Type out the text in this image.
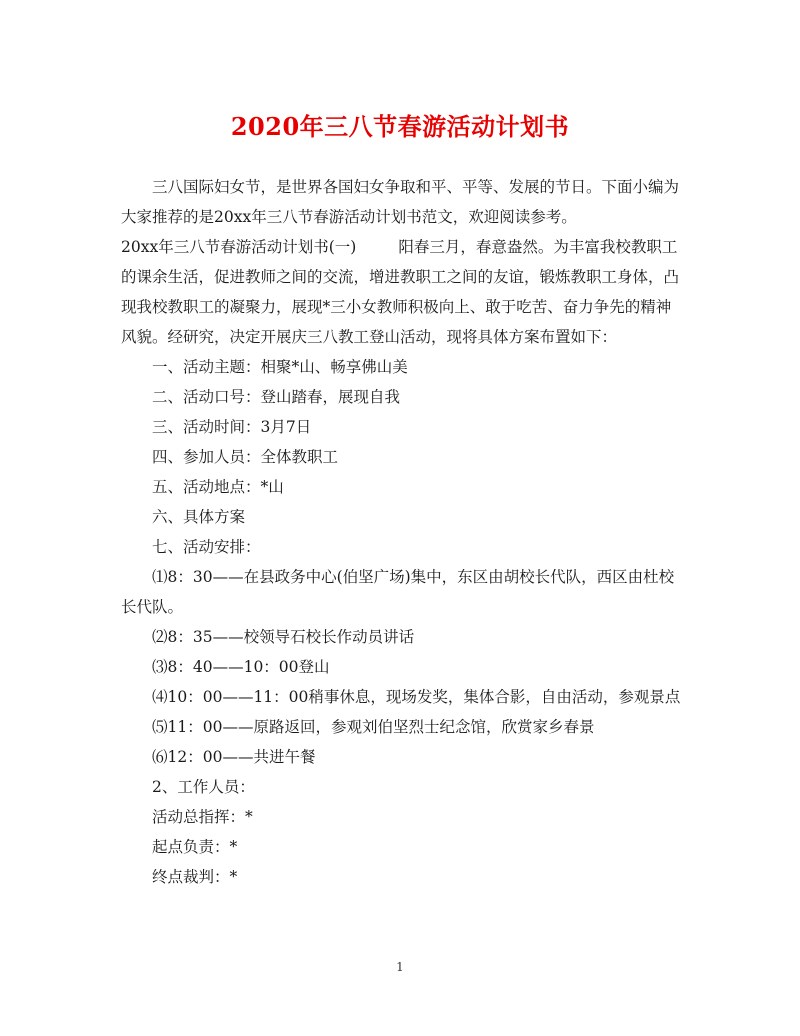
2020年三八节春游活动计划书

三八国际妇女节，是世界各国妇女争取和平、平等、发展的节日。下面小编为大家推荐的是20xx年三八节春游活动计划书范文，欢迎阅读参考。

20xx年三八节春游活动计划书(一)	阳春三月，春意盎然。为丰富我校教职工的课余生活，促进教师之间的交流，增进教职工之间的友谊，锻炼教职工身体，凸现我校教职工的凝聚力，展现*三小女教师积极向上、敢于吃苦、奋力争先的精神风貌。经研究，决定开展庆三八教工登山活动，现将具体方案布置如下：

一、活动主题：相聚*山、畅享佛山美

二、活动口号：登山踏春，展现自我

三、活动时间：3月7日

四、参加人员：全体教职工

五、活动地点：*山

六、具体方案

七、活动安排：

⑴8：30——在县政务中心(伯坚广场)集中，东区由胡校长代队，西区由杜校长代队。

⑵8：35——校领导石校长作动员讲话

⑶8：40——10：00登山

⑷10：00——11：00稍事休息，现场发奖，集体合影，自由活动，参观景点

⑸11：00——原路返回，参观刘伯坚烈士纪念馆，欣赏家乡春景

⑹12：00——共进午餐

2、工作人员：

活动总指挥：*

起点负责：*

终点裁判：*

1
